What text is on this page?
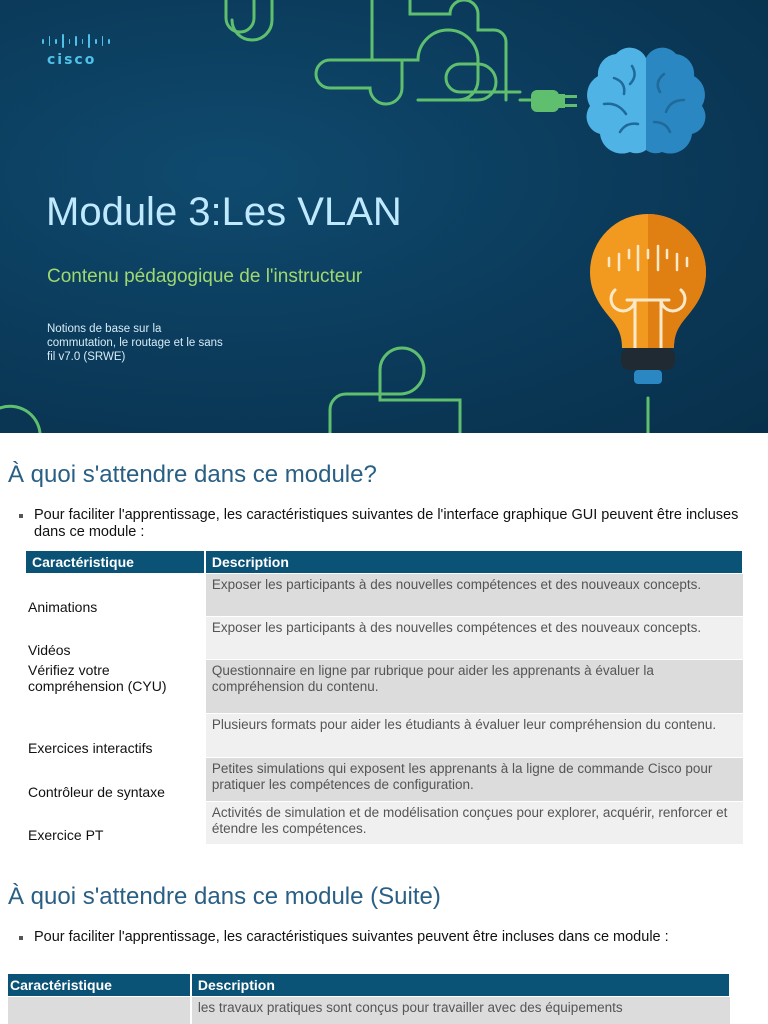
cisco
Module 3:Les VLAN
Contenu pédagogique de l'instructeur
Notions de base sur la commutation, le routage et le sans fil v7.0 (SRWE)
À quoi s'attendre dans ce module?
Pour faciliter l'apprentissage, les caractéristiques suivantes de l'interface graphique GUI peuvent être incluses dans ce module :
Caractéristique	Description
Animations	Exposer les participants à des nouvelles compétences et des nouveaux concepts.
Vidéos	Exposer les participants à des nouvelles compétences et des nouveaux concepts.
Vérifiez votre compréhension (CYU)	Questionnaire en ligne par rubrique pour aider les apprenants à évaluer la compréhension du contenu.
Exercices interactifs	Plusieurs formats pour aider les étudiants à évaluer leur compréhension du contenu.
Contrôleur de syntaxe	Petites simulations qui exposent les apprenants à la ligne de commande Cisco pour pratiquer les compétences de configuration.
Exercice PT	Activités de simulation et de modélisation conçues pour explorer, acquérir, renforcer et étendre les compétences.
À quoi s'attendre dans ce module (Suite)
Pour faciliter l'apprentissage, les caractéristiques suivantes peuvent être incluses dans ce module :
Caractéristique	Description
	les travaux pratiques sont conçus pour travailler avec des équipements
